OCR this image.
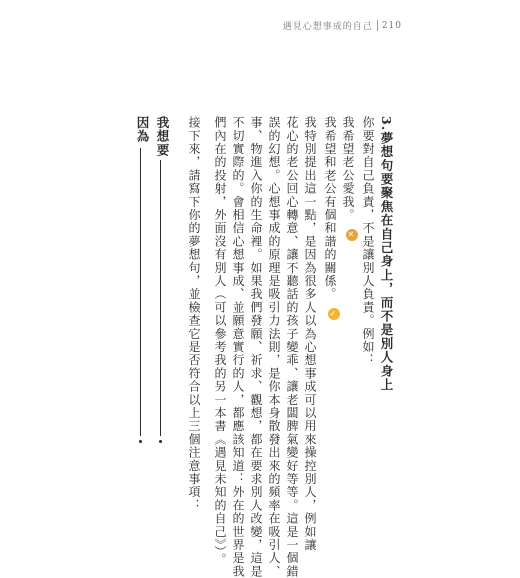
遇見心想事成的自己 210
3.夢想句要聚焦在自己身上，而不是別人身上
你要對自己負責，不是讓別人負責。例如：
我希望老公愛我。 ✕
我希望和老公有個和諧的關係。 ✓
我特別提出這一點，是因為很多人以為心想事成可以用來操控別人，例如讓
花心的老公回心轉意、讓不聽話的孩子變乖、讓老闆脾氣變好等等。這是一個錯
誤的幻想。心想事成的原理是吸引力法則，是你本身散發出來的頻率在吸引人、
事、物進入你的生命裡。如果我們發願、祈求、觀想，都在要求別人改變，這是
不切實際的。會相信心想事成、並願意實行的人，都應該知道：外在的世界是我
們內在的投射，外面沒有別人（可以參考我的另一本書《遇見未知的自己》）。
接下來，請寫下你的夢想句，並檢查它是否符合以上三個注意事項：
我想要
因為
